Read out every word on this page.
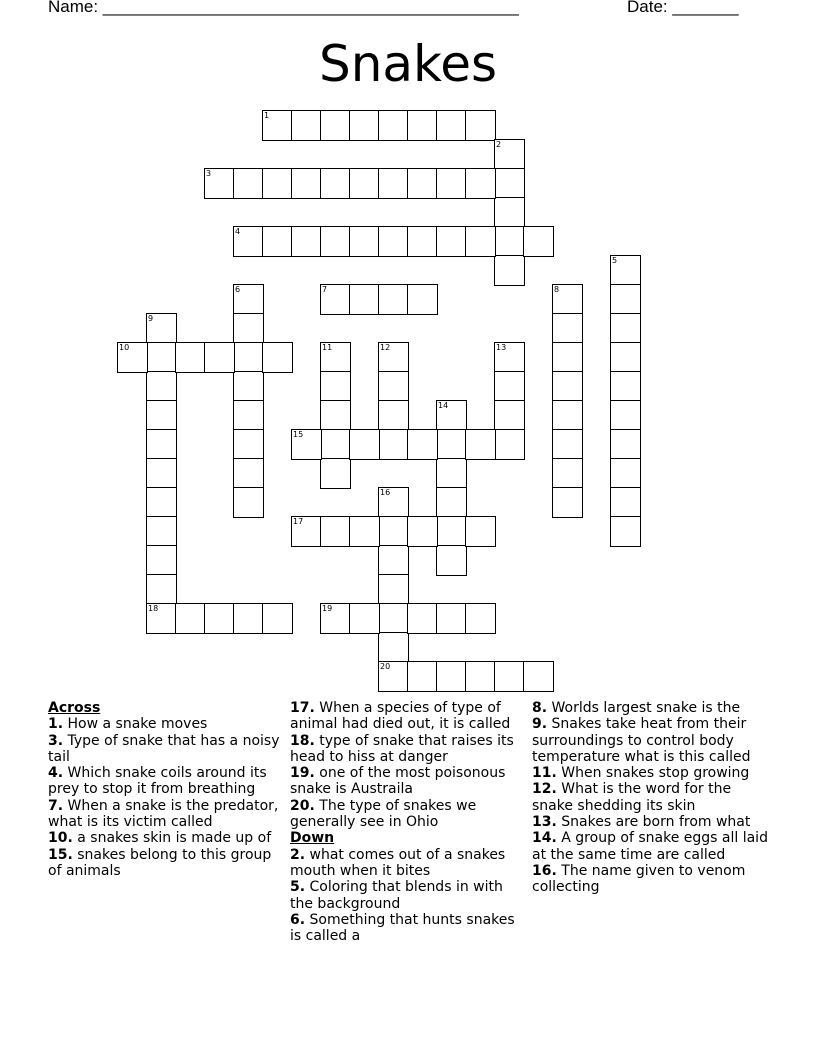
Name: ____________________________________________	Date: _______
Snakes
1
2
3
4
5
6	7	8
9
18
10	11	12	13
14
15
16
20
17
19
Across
1. How a snake moves
3. Type of snake that has a noisy tail
4. Which snake coils around its prey to stop it from breathing
7. When a snake is the predator, what is its victim called
10. a snakes skin is made up of
15. snakes belong to this group of animals
17. When a species of type of animal had died out, it is called
18. type of snake that raises its head to hiss at danger
19. one of the most poisonous snake is Austraila
20. The type of snakes we generally see in Ohio
Down
2. what comes out of a snakes mouth when it bites
5. Coloring that blends in with the background
6. Something that hunts snakes is called a
8. Worlds largest snake is the
9. Snakes take heat from their surroundings to control body temperature what is this called
11. When snakes stop growing
12. What is the word for the snake shedding its skin
13. Snakes are born from what
14. A group of snake eggs all laid at the same time are called
16. The name given to venom collecting
